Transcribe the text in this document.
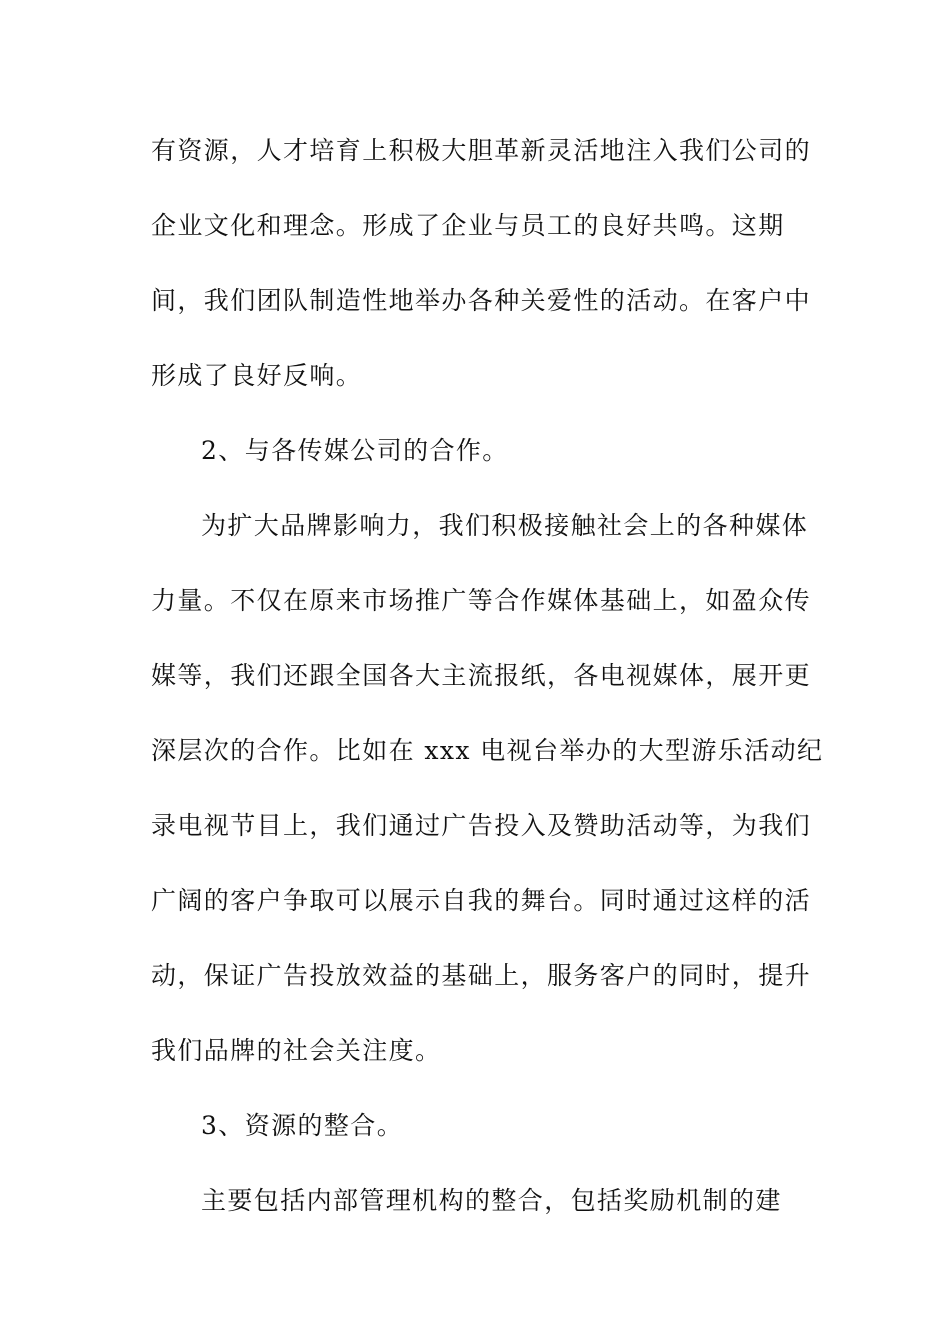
有资源，人才培育上积极大胆革新灵活地注入我们公司的
企业文化和理念。形成了企业与员工的良好共鸣。这期
间，我们团队制造性地举办各种关爱性的活动。在客户中
形成了良好反响。
2、与各传媒公司的合作。
为扩大品牌影响力，我们积极接触社会上的各种媒体
力量。不仅在原来市场推广等合作媒体基础上，如盈众传
媒等，我们还跟全国各大主流报纸，各电视媒体，展开更
深层次的合作。比如在 xxx 电视台举办的大型游乐活动纪
录电视节目上，我们通过广告投入及赞助活动等，为我们
广阔的客户争取可以展示自我的舞台。同时通过这样的活
动，保证广告投放效益的基础上，服务客户的同时，提升
我们品牌的社会关注度。
3、资源的整合。
主要包括内部管理机构的整合，包括奖励机制的建
